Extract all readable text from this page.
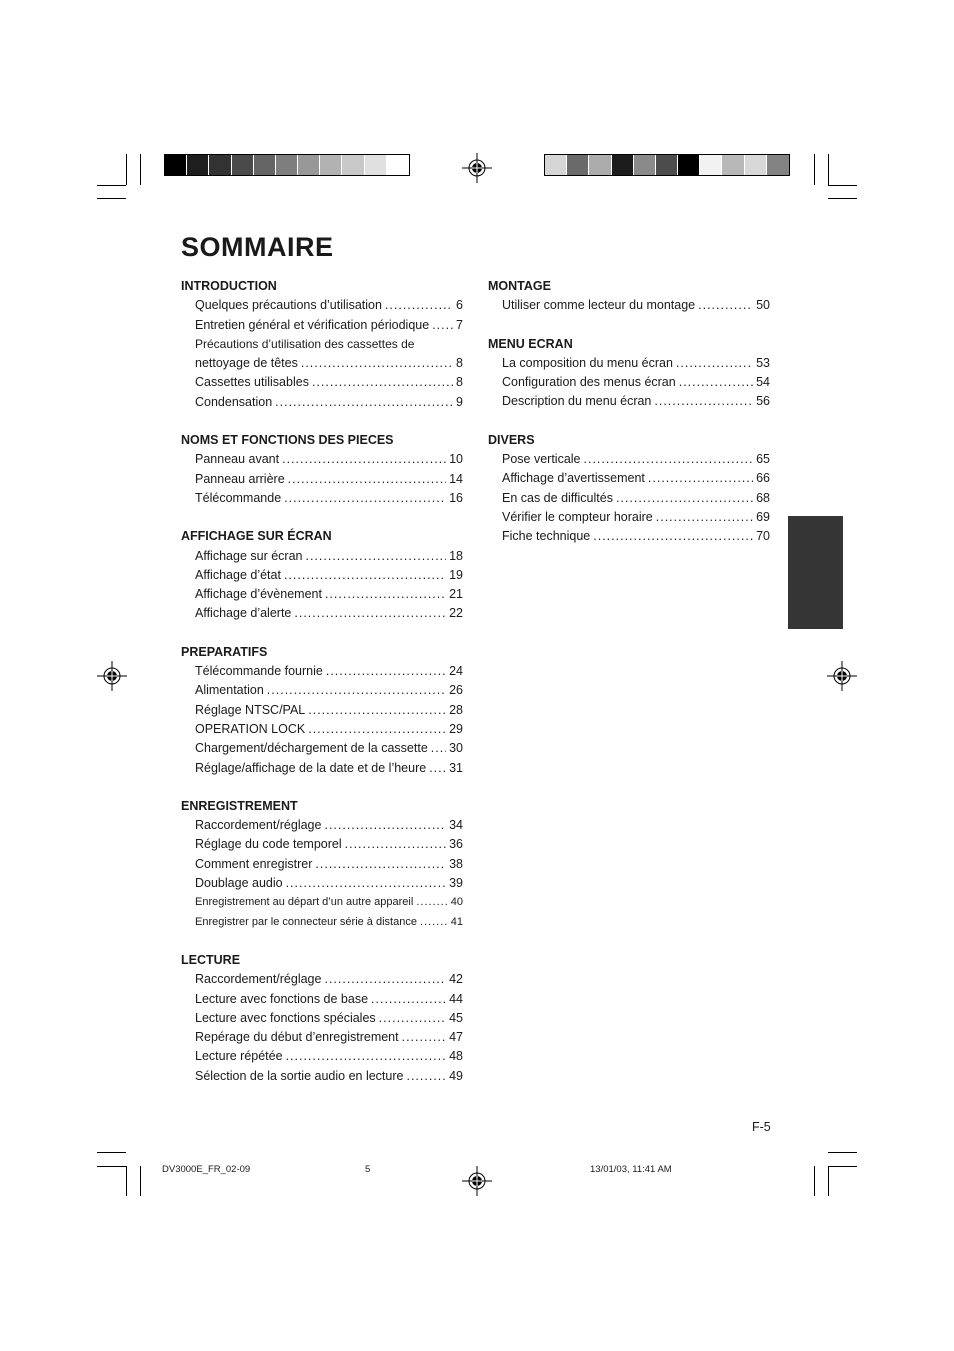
SOMMAIRE
INTRODUCTION
Quelques précautions d’utilisation .....	6
Entretien général et vérification périodique ..... 7
Précautions d’utilisation des cassettes de
nettoyage de têtes .....	8
Cassettes utilisables .....	8
Condensation .....	9
NOMS ET FONCTIONS DES PIECES
Panneau avant .....	10
Panneau arrière .....	14
Télécommande .....	16
AFFICHAGE SUR ÉCRAN
Affichage sur écran .....	18
Affichage d’état .....	19
Affichage d’évènement .....	21
Affichage d’alerte .....	22
PREPARATIFS
Télécommande fournie .....	24
Alimentation .....	26
Réglage NTSC/PAL .....	28
OPERATION LOCK .....	29
Chargement/déchargement de la cassette ..... 30
Réglage/affichage de la date et de l’heure ..... 31
ENREGISTREMENT
Raccordement/réglage .....	34
Réglage du code temporel .....	36
Comment enregistrer .....	38
Doublage audio .....	39
Enregistrement au départ d’un autre appareil .....	40
Enregistrer par le connecteur série à distance .....	41
LECTURE
Raccordement/réglage .....	42
Lecture avec fonctions de base .....	44
Lecture avec fonctions spéciales .....	45
Repérage du début d’enregistrement .....	47
Lecture répétée .....	48
Sélection de la sortie audio en lecture .....	49
MONTAGE
Utiliser comme lecteur du montage .....	50
MENU ECRAN
La composition du menu écran .....	53
Configuration des menus écran .....	54
Description du menu écran .....	56
DIVERS
Pose verticale .....	65
Affichage d’avertissement .....	66
En cas de difficultés .....	68
Vérifier le compteur horaire .....	69
Fiche technique .....	70
F-5
DV3000E_FR_02-09	5	13/01/03, 11:41 AM
